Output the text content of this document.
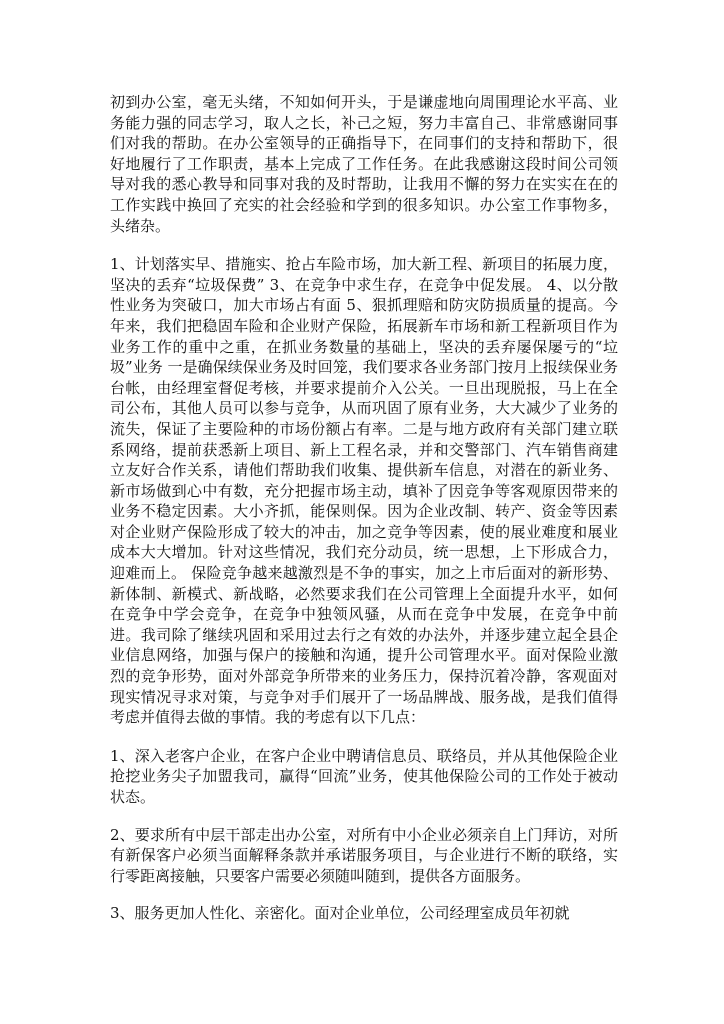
初到办公室，毫无头绪，不知如何开头，于是谦虚地向周围理论水平高、业务能力强的同志学习，取人之长，补己之短，努力丰富自己、非常感谢同事们对我的帮助。在办公室领导的正确指导下，在同事们的支持和帮助下，很好地履行了工作职责，基本上完成了工作任务。在此我感谢这段时间公司领导对我的悉心教导和同事对我的及时帮助，让我用不懈的努力在实实在在的工作实践中换回了充实的社会经验和学到的很多知识。办公室工作事物多，头绪杂。

1、计划落实早、措施实、抢占车险市场，加大新工程、新项目的拓展力度，坚决的丢弃“垃圾保费” 3、在竞争中求生存，在竞争中促发展。 4、以分散性业务为突破口，加大市场占有面 5、狠抓理赔和防灾防损质量的提高。今年来，我们把稳固车险和企业财产保险，拓展新车市场和新工程新项目作为业务工作的重中之重，在抓业务数量的基础上，坚决的丢弃屡保屡亏的“垃圾”业务 一是确保续保业务及时回笼，我们要求各业务部门按月上报续保业务台帐，由经理室督促考核，并要求提前介入公关。一旦出现脱报，马上在全司公布，其他人员可以参与竞争，从而巩固了原有业务，大大减少了业务的流失，保证了主要险种的市场份额占有率。二是与地方政府有关部门建立联系网络，提前获悉新上项目、新上工程名录，并和交警部门、汽车销售商建立友好合作关系，请他们帮助我们收集、提供新车信息，对潜在的新业务、新市场做到心中有数，充分把握市场主动，填补了因竞争等客观原因带来的业务不稳定因素。大小齐抓，能保则保。因为企业改制、转产、资金等因素对企业财产保险形成了较大的冲击，加之竞争等因素，使的展业难度和展业成本大大增加。针对这些情况，我们充分动员，统一思想，上下形成合力，迎难而上。 保险竞争越来越激烈是不争的事实，加之上市后面对的新形势、新体制、新模式、新战略，必然要求我们在公司管理上全面提升水平，如何在竞争中学会竞争，在竞争中独领风骚，从而在竞争中发展，在竞争中前进。我司除了继续巩固和采用过去行之有效的办法外，并逐步建立起全县企业信息网络，加强与保户的接触和沟通，提升公司管理水平。面对保险业激烈的竞争形势，面对外部竞争所带来的业务压力，保持沉着冷静，客观面对现实情况寻求对策，与竞争对手们展开了一场品牌战、服务战，是我们值得考虑并值得去做的事情。我的考虑有以下几点：

1、深入老客户企业，在客户企业中聘请信息员、联络员，并从其他保险企业抢挖业务尖子加盟我司，赢得“回流”业务，使其他保险公司的工作处于被动状态。

2、要求所有中层干部走出办公室，对所有中小企业必须亲自上门拜访，对所有新保客户必须当面解释条款并承诺服务项目，与企业进行不断的联络，实行零距离接触，只要客户需要必须随叫随到，提供各方面服务。

3、服务更加人性化、亲密化。面对企业单位，公司经理室成员年初就
